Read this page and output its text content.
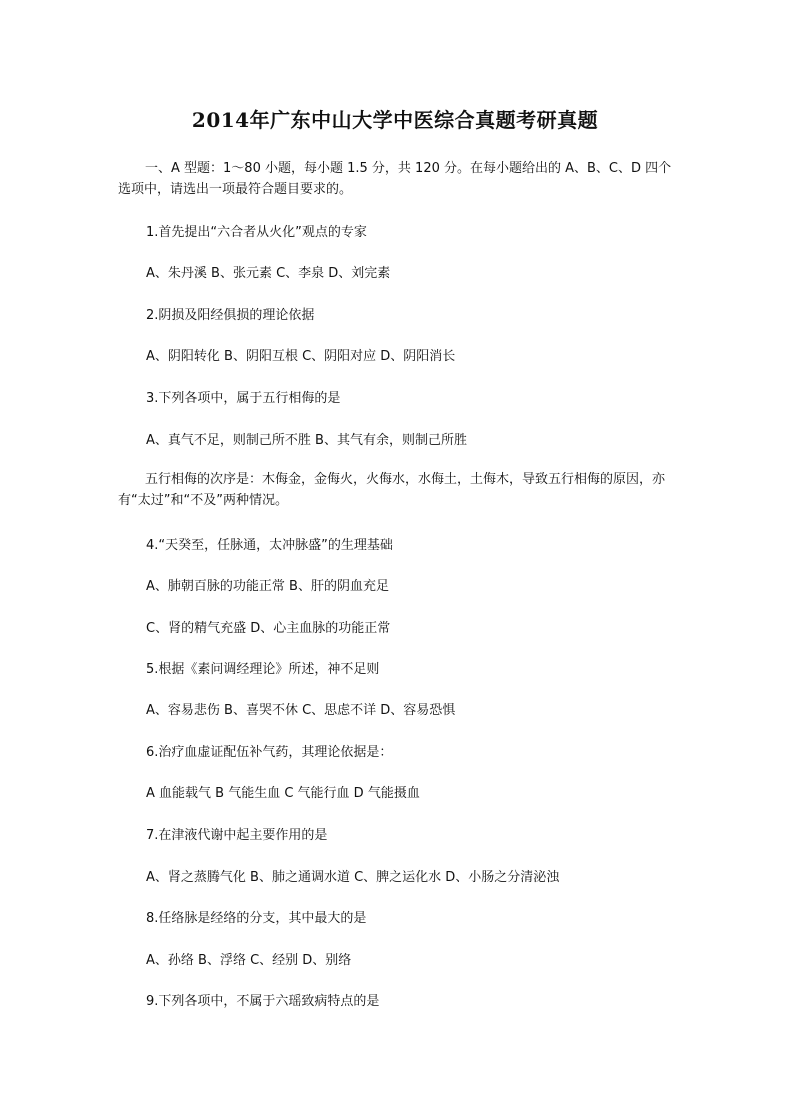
2014年广东中山大学中医综合真题考研真题

一、A 型题：1～80 小题，每小题 1.5 分，共 120 分。在每小题给出的 A、B、C、D 四个选项中，请选出一项最符合题目要求的。

1.首先提出“六合者从火化”观点的专家

A、朱丹溪 B、张元素 C、李泉 D、刘完素

2.阴损及阳经俱损的理论依据

A、阴阳转化 B、阴阳互根 C、阴阳对应 D、阴阳消长

3.下列各项中，属于五行相侮的是

A、真气不足，则制己所不胜 B、其气有余，则制己所胜

五行相侮的次序是：木侮金，金侮火，火侮水，水侮土，土侮木，导致五行相侮的原因，亦有“太过”和“不及”两种情况。

4.“天癸至，任脉通，太冲脉盛”的生理基础

A、肺朝百脉的功能正常 B、肝的阴血充足

C、肾的精气充盛 D、心主血脉的功能正常

5.根据《素问调经理论》所述，神不足则

A、容易悲伤 B、喜哭不休 C、思虑不详 D、容易恐惧

6.治疗血虚证配伍补气药，其理论依据是：

A 血能载气 B 气能生血 C 气能行血 D 气能摄血

7.在津液代谢中起主要作用的是

A、肾之蒸腾气化 B、肺之通调水道 C、脾之运化水 D、小肠之分清泌浊

8.任络脉是经络的分支，其中最大的是

A、孙络 B、浮络 C、经别 D、别络

9.下列各项中，不属于六瑶致病特点的是
